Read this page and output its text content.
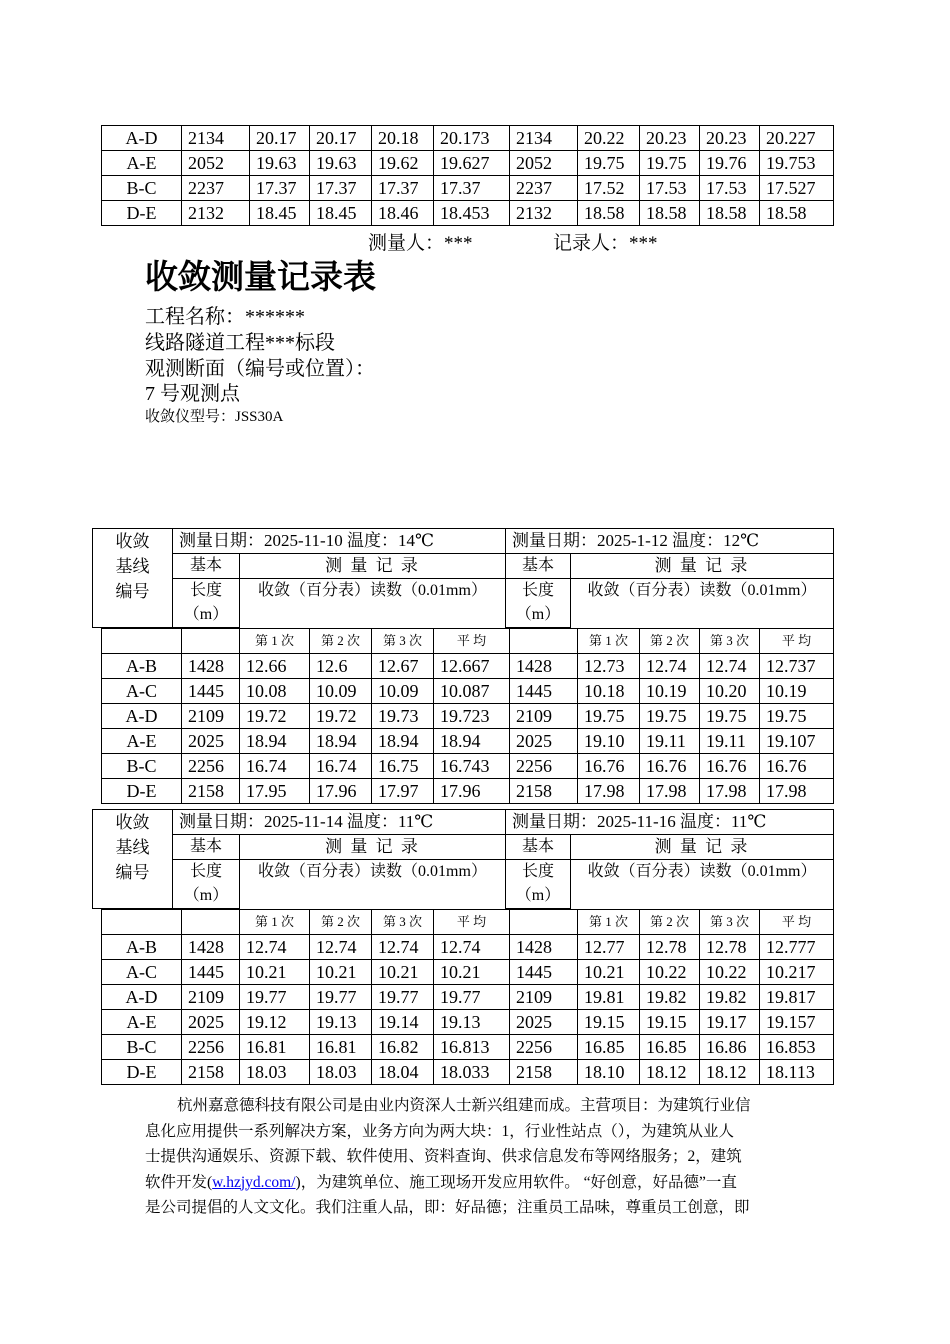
A-D	2134	20.17	20.17	20.18	20.173	2134	20.22	20.23	20.23	20.227
A-E	2052	19.63	19.63	19.62	19.627	2052	19.75	19.75	19.76	19.753
B-C	2237	17.37	17.37	17.37	17.37	2237	17.52	17.53	17.53	17.527
D-E	2132	18.45	18.45	18.46	18.453	2132	18.58	18.58	18.58	18.58
测量人：***	记录人：***
收敛测量记录表
工程名称：******
线路隧道工程***标段
观测断面（编号或位置）：
7 号观测点
收敛仪型号：JSS30A
收敛
基线
编号	测量日期：2025-11-10 温度：14℃		测量日期：2025-1-12 温度：12℃	
	基本	测 量 记 录	基本	测 量 记 录
	长度	收敛（百分表）读数（0.01mm）	长度	收敛（百分表）读数（0.01mm）
	（m）		（m）	
		第 1 次	第 2 次	第 3 次	平 均		第 1 次	第 2 次	第 3 次	平 均
A-B	1428	12.66	12.6	12.67	12.667	1428	12.73	12.74	12.74	12.737
A-C	1445	10.08	10.09	10.09	10.087	1445	10.18	10.19	10.20	10.19
A-D	2109	19.72	19.72	19.73	19.723	2109	19.75	19.75	19.75	19.75
A-E	2025	18.94	18.94	18.94	18.94	2025	19.10	19.11	19.11	19.107
B-C	2256	16.74	16.74	16.75	16.743	2256	16.76	16.76	16.76	16.76
D-E	2158	17.95	17.96	17.97	17.96	2158	17.98	17.98	17.98	17.98
收敛
基线
编号	测量日期：2025-11-14 温度：11℃		测量日期：2025-11-16 温度：11℃	
	基本	测 量 记 录	基本	测 量 记 录
	长度	收敛（百分表）读数（0.01mm）	长度	收敛（百分表）读数（0.01mm）
	（m）		（m）	
		第 1 次	第 2 次	第 3 次	平 均		第 1 次	第 2 次	第 3 次	平 均
A-B	1428	12.74	12.74	12.74	12.74	1428	12.77	12.78	12.78	12.777
A-C	1445	10.21	10.21	10.21	10.21	1445	10.21	10.22	10.22	10.217
A-D	2109	19.77	19.77	19.77	19.77	2109	19.81	19.82	19.82	19.817
A-E	2025	19.12	19.13	19.14	19.13	2025	19.15	19.15	19.17	19.157
B-C	2256	16.81	16.81	16.82	16.813	2256	16.85	16.85	16.86	16.853
D-E	2158	18.03	18.03	18.04	18.033	2158	18.10	18.12	18.12	18.113

杭州嘉意德科技有限公司是由业内资深人士新兴组建而成。主营项目：为建筑行业信

息化应用提供一系列解决方案，业务方向为两大块：1，行业性站点（），为建筑从业人

士提供沟通娱乐、资源下载、软件使用、资料查询、供求信息发布等网络服务；2，建筑

软件开发(w.hzjyd.com/)，为建筑单位、施工现场开发应用软件。 “好创意，好品德”一直

是公司提倡的人文文化。我们注重人品，即：好品德；注重员工品味，尊重员工创意，即
